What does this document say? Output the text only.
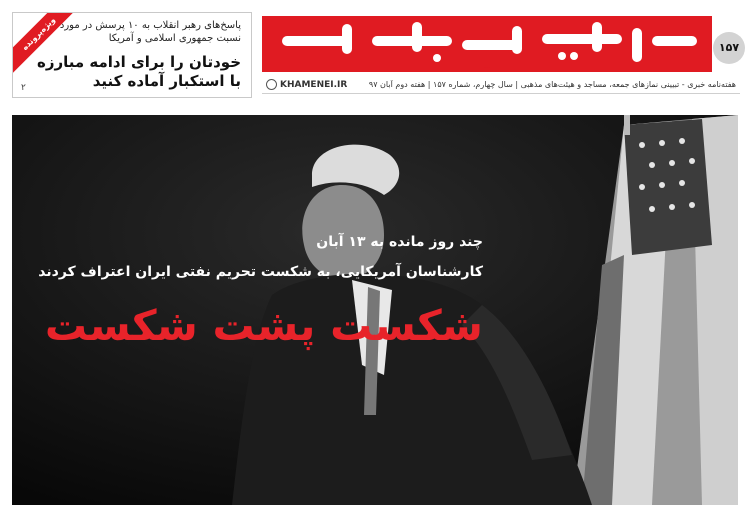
ویژه‌پرونده پاسخ‌های رهبر انقلاب به ۱۰ پرسش در مورد نسبت جمهوری اسلامی و آمریکا
خودتان را برای ادامه مبارزه با استکبار آماده کنید
۲
خط حزب‌الله
۱۵۷
KHAMENEI.IR	هفته‌نامه خبری - تبیینی نمازهای جمعه، مساجد و هیئت‌های مذهبی | سال چهارم، شماره ۱۵۷ | هفته دوم آبان ۹۷
چند روز مانده به ۱۳ آبان
کارشناسان آمریکایی، به شکست تحریم نفتی ایران اعتراف کردند
شکست پشت شکست
